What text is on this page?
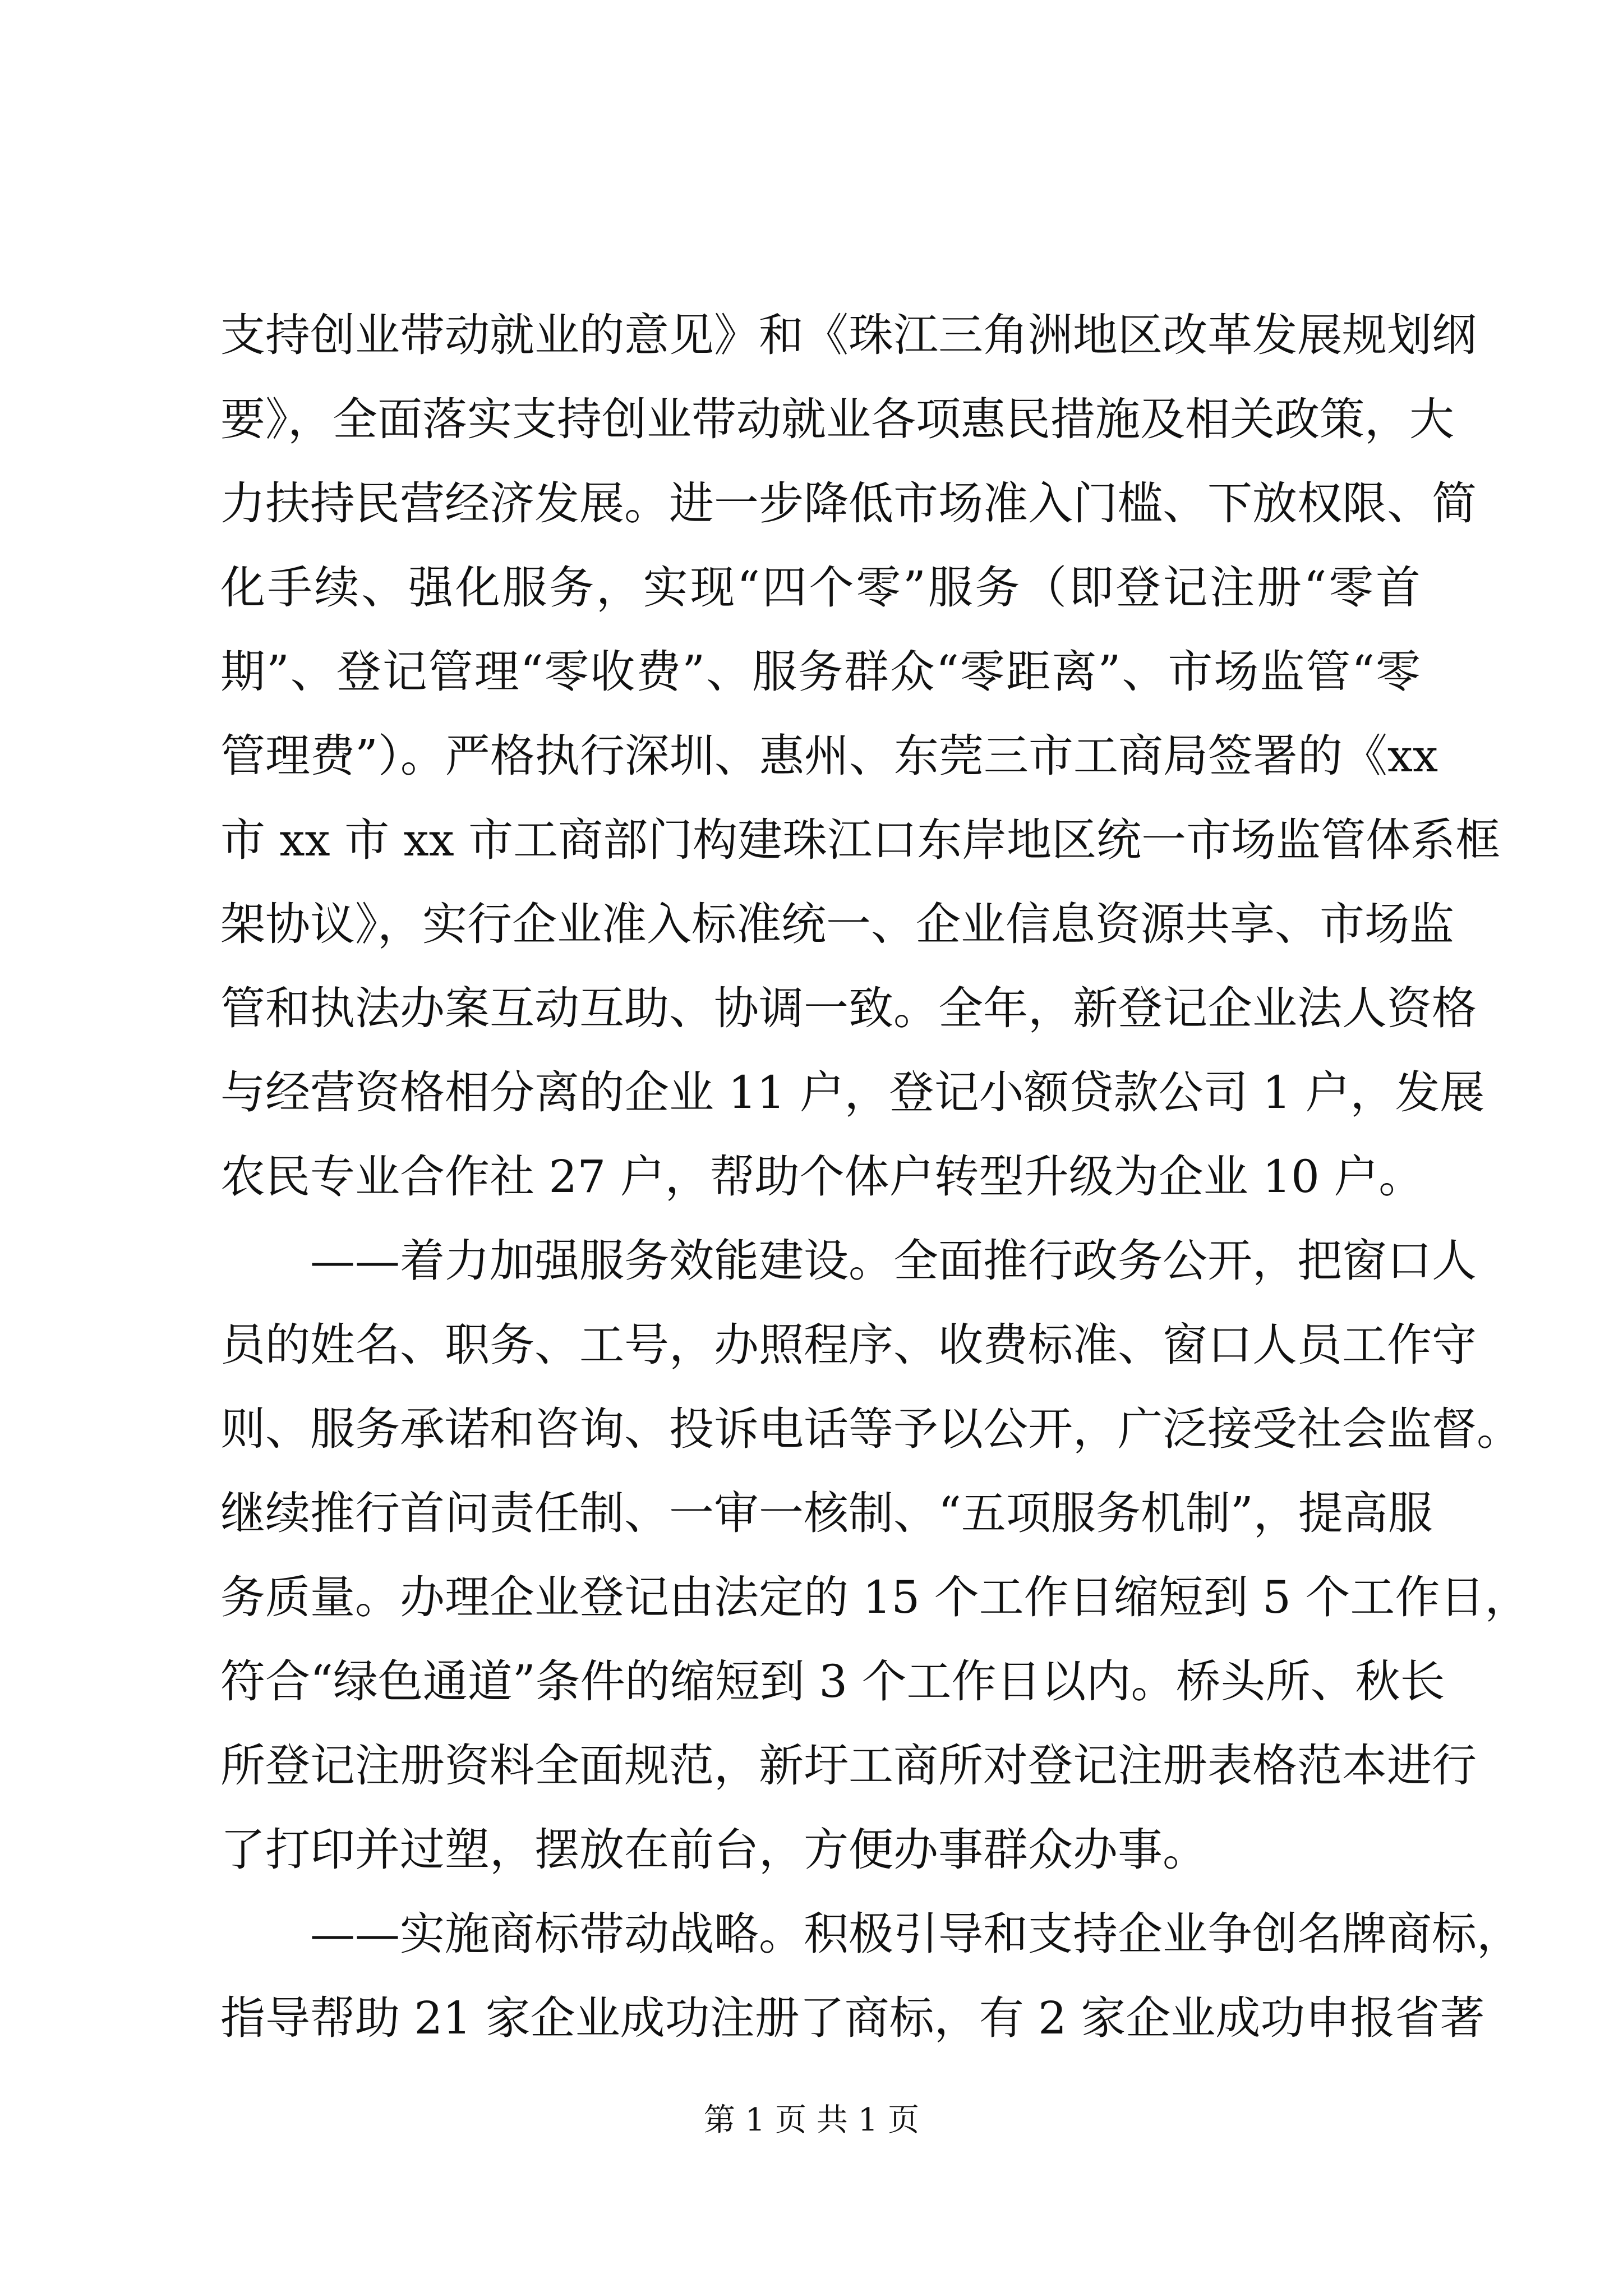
支持创业带动就业的意见》和《珠江三角洲地区改革发展规划纲
要》，全面落实支持创业带动就业各项惠民措施及相关政策，大
力扶持民营经济发展。进一步降低市场准入门槛、下放权限、简
化手续、强化服务，实现“四个零”服务（即登记注册“零首
期”、登记管理“零收费”、服务群众“零距离”、市场监管“零
管理费”）。严格执行深圳、惠州、东莞三市工商局签署的《xx
市 xx 市 xx 市工商部门构建珠江口东岸地区统一市场监管体系框
架协议》，实行企业准入标准统一、企业信息资源共享、市场监
管和执法办案互动互助、协调一致。全年，新登记企业法人资格
与经营资格相分离的企业 11 户，登记小额贷款公司 1 户，发展
农民专业合作社 27 户，帮助个体户转型升级为企业 10 户。
——着力加强服务效能建设。全面推行政务公开，把窗口人
员的姓名、职务、工号，办照程序、收费标准、窗口人员工作守
则、服务承诺和咨询、投诉电话等予以公开，广泛接受社会监督。
继续推行首问责任制、一审一核制、“五项服务机制”，提高服
务质量。办理企业登记由法定的 15 个工作日缩短到 5 个工作日，
符合“绿色通道”条件的缩短到 3 个工作日以内。桥头所、秋长
所登记注册资料全面规范，新圩工商所对登记注册表格范本进行
了打印并过塑，摆放在前台，方便办事群众办事。
——实施商标带动战略。积极引导和支持企业争创名牌商标，
指导帮助 21 家企业成功注册了商标，有 2 家企业成功申报省著
第 1 页 共 1 页
